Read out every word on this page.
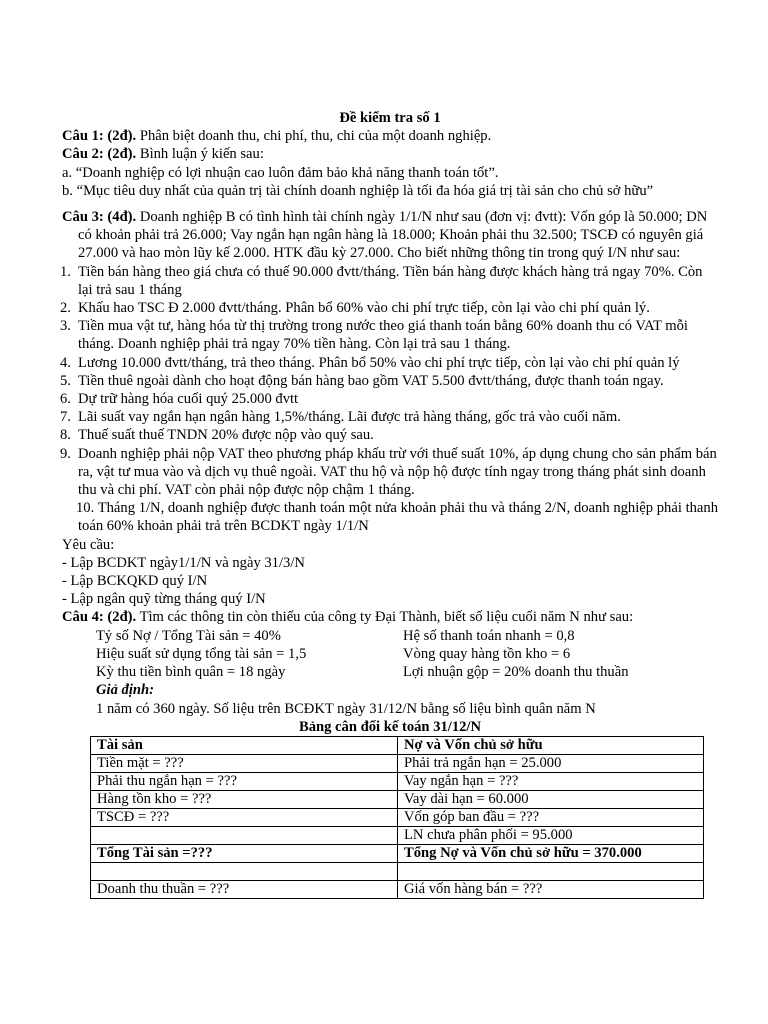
Đề kiểm tra số 1

Câu 1: (2đ). Phân biệt doanh thu, chi phí, thu, chi của một doanh nghiệp.

Câu 2: (2đ). Bình luận ý kiến sau:

a. “Doanh nghiệp có lợi nhuận cao luôn đảm bảo khả năng thanh toán tốt”.

b. “Mục tiêu duy nhất của quản trị tài chính doanh nghiệp là tối đa hóa giá trị tài sản cho chủ sở hữu”

Câu 3: (4đ). Doanh nghiệp B có tình hình tài chính ngày 1/1/N như sau (đơn vị: đvtt): Vốn góp là 50.000; DN có khoản phải trả 26.000; Vay ngắn hạn ngân hàng là 18.000; Khoản phải thu 32.500; TSCĐ có nguyên giá 27.000 và hao mòn lũy kế 2.000. HTK đầu kỳ 27.000. Cho biết những thông tin trong quý I/N như sau:

1. Tiền bán hàng theo giá chưa có thuế 90.000 đvtt/tháng. Tiền bán hàng được khách hàng trả ngay 70%. Còn lại trả sau 1 tháng
2. Khấu hao TSC Đ 2.000 đvtt/tháng. Phân bổ 60% vào chi phí trực tiếp, còn lại vào chi phí quản lý.
3. Tiền mua vật tư, hàng hóa từ thị trường trong nước theo giá thanh toán bằng 60% doanh thu có VAT mỗi tháng. Doanh nghiệp phải trả ngay 70% tiền hàng. Còn lại trả sau 1 tháng.
4. Lương 10.000 đvtt/tháng, trả theo tháng. Phân bổ 50% vào chi phí trực tiếp, còn lại vào chi phí quản lý
5. Tiền thuê ngoài dành cho hoạt động bán hàng bao gồm VAT 5.500 đvtt/tháng, được thanh toán ngay.
6. Dự trữ hàng hóa cuối quý 25.000 đvtt
7. Lãi suất vay ngắn hạn ngân hàng 1,5%/tháng. Lãi được trả hàng tháng, gốc trả vào cuối năm.
8. Thuế suất thuế TNDN 20% được nộp vào quý sau.
9. Doanh nghiệp phải nộp VAT theo phương pháp khấu trừ với thuế suất 10%, áp dụng chung cho sản phẩm bán ra, vật tư mua vào và dịch vụ thuê ngoài. VAT thu hộ và nộp hộ được tính ngay trong tháng phát sinh doanh thu và chi phí. VAT còn phải nộp được nộp chậm 1 tháng.
10. Tháng 1/N, doanh nghiệp được thanh toán một nửa khoản phải thu và tháng 2/N, doanh nghiệp phải thanh toán 60% khoản phải trả trên BCDKT ngày 1/1/N

Yêu cầu:

- Lập BCDKT ngày1/1/N và ngày 31/3/N

- Lập BCKQKD quý I/N

- Lập ngân quỹ từng tháng quý I/N

Câu 4: (2đ). Tìm các thông tin còn thiếu của công ty Đại Thành, biết số liệu cuối năm N như sau:

Tỷ số Nợ / Tổng Tài sản = 40%	Hệ số thanh toán nhanh = 0,8
Hiệu suất sử dụng tổng tài sản = 1,5	Vòng quay hàng tồn kho = 6
Kỳ thu tiền bình quân = 18 ngày	Lợi nhuận gộp = 20% doanh thu thuần

Giả định:

1 năm có 360 ngày. Số liệu trên BCĐKT ngày 31/12/N bằng số liệu bình quân năm N

Bảng cân đối kế toán 31/12/N

Tài sản	Nợ và Vốn chủ sở hữu
Tiền mặt = ???	Phải trả ngắn hạn = 25.000
Phải thu ngắn hạn = ???	Vay ngắn hạn = ???
Hàng tồn kho = ???	Vay dài hạn = 60.000
TSCĐ = ???	Vốn góp ban đầu = ???
	LN chưa phân phối = 95.000
Tổng Tài sản =???	Tổng Nợ và Vốn chủ sở hữu = 370.000

Doanh thu thuần = ???	Giá vốn hàng bán = ???
